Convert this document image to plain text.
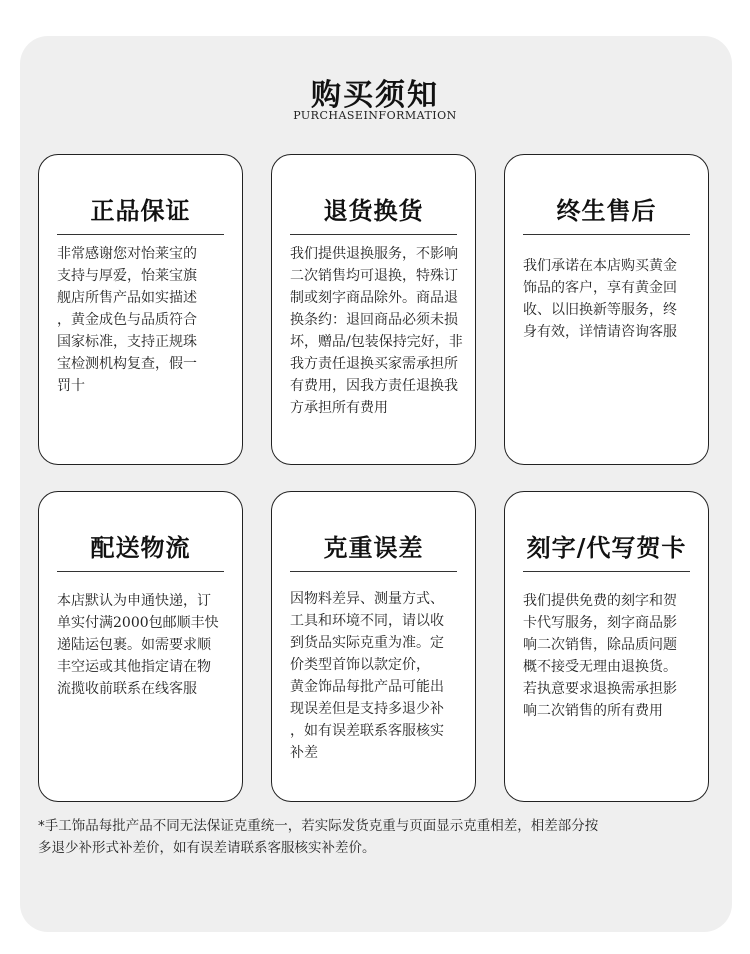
购买须知
PURCHASEINFORMATION
正品保证
非常感谢您对怡莱宝的
支持与厚爱，怡莱宝旗
舰店所售产品如实描述
，黄金成色与品质符合
国家标准，支持正规珠
宝检测机构复查，假一
罚十
退货换货
我们提供退换服务，不影响
二次销售均可退换，特殊订
制或刻字商品除外。商品退
换条约：退回商品必须未损
坏，赠品/包装保持完好，非
我方责任退换买家需承担所
有费用，因我方责任退换我
方承担所有费用
终生售后
我们承诺在本店购买黄金
饰品的客户，享有黄金回
收、以旧换新等服务，终
身有效，详情请咨询客服
配送物流
本店默认为申通快递，订
单实付满2000包邮顺丰快
递陆运包裹。如需要求顺
丰空运或其他指定请在物
流揽收前联系在线客服
克重误差
因物料差异、测量方式、
工具和环境不同，请以收
到货品实际克重为准。定
价类型首饰以款定价，
黄金饰品每批产品可能出
现误差但是支持多退少补
，如有误差联系客服核实
补差
刻字/代写贺卡
我们提供免费的刻字和贺
卡代写服务，刻字商品影
响二次销售，除品质问题
概不接受无理由退换货。
若执意要求退换需承担影
响二次销售的所有费用
*手工饰品每批产品不同无法保证克重统一，若实际发货克重与页面显示克重相差，相差部分按
多退少补形式补差价，如有误差请联系客服核实补差价。
